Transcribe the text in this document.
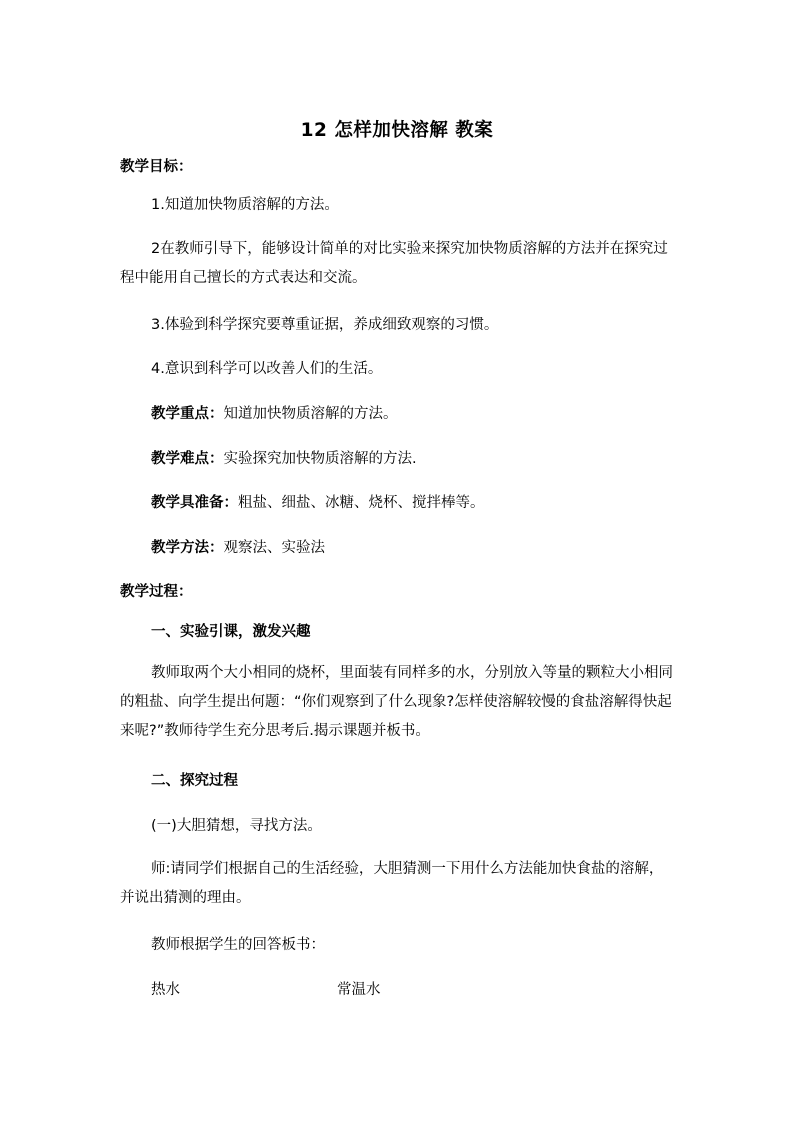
12 怎样加快溶解 教案
教学目标：
1.知道加快物质溶解的方法。
2在教师引导下，能够设计简单的对比实验来探究加快物质溶解的方法并在探究过程中能用自己擅长的方式表达和交流。
3.体验到科学探究要尊重证据，养成细致观察的习惯。
4.意识到科学可以改善人们的生活。
教学重点：知道加快物质溶解的方法。
教学难点：实验探究加快物质溶解的方法.
教学具准备：粗盐、细盐、冰糖、烧杯、搅拌棒等。
教学方法：观察法、实验法
教学过程：
一、实验引课，激发兴趣
教师取两个大小相同的烧杯，里面装有同样多的水，分别放入等量的颗粒大小相同的粗盐、向学生提出何题：“你们观察到了什么现象?怎样使溶解较慢的食盐溶解得快起来呢?”教师待学生充分思考后.揭示课题并板书。
二、探究过程
(一)大胆猜想，寻找方法。
师:请同学们根据自己的生活经验，大胆猜测一下用什么方法能加快食盐的溶解，并说出猜测的理由。
教师根据学生的回答板书：
热水	常温水
